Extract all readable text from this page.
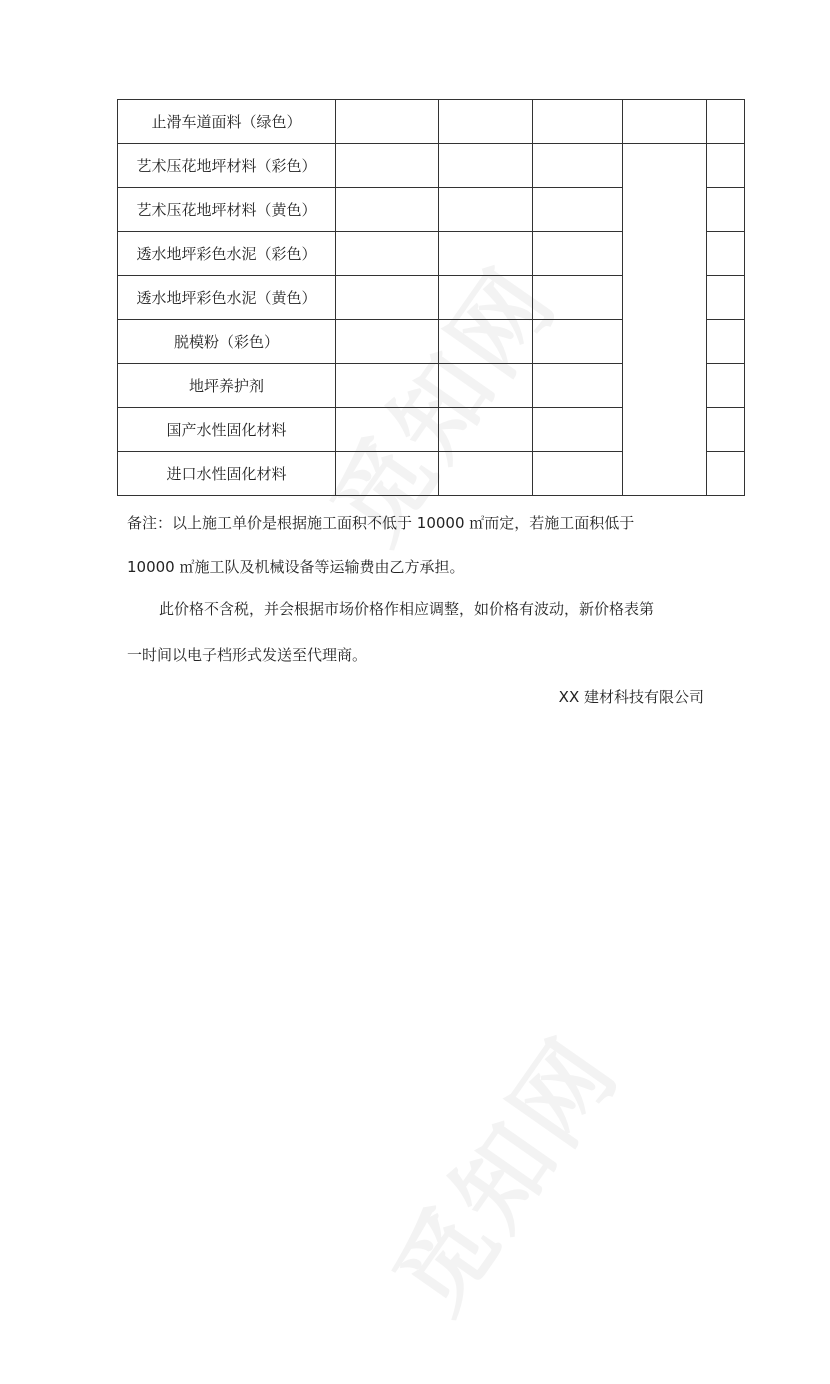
止滑车道面料（绿色）					
艺术压花地坪材料（彩色）					
艺术压花地坪材料（黄色）					
透水地坪彩色水泥（彩色）					
透水地坪彩色水泥（黄色）					
脱模粉（彩色）					
地坪养护剂					
国产水性固化材料					
进口水性固化材料					

备注：以上施工单价是根据施工面积不低于 10000 ㎡而定，若施工面积低于

10000 ㎡施工队及机械设备等运输费由乙方承担。

此价格不含税，并会根据市场价格作相应调整，如价格有波动，新价格表第

一时间以电子档形式发送至代理商。

XX 建材科技有限公司
